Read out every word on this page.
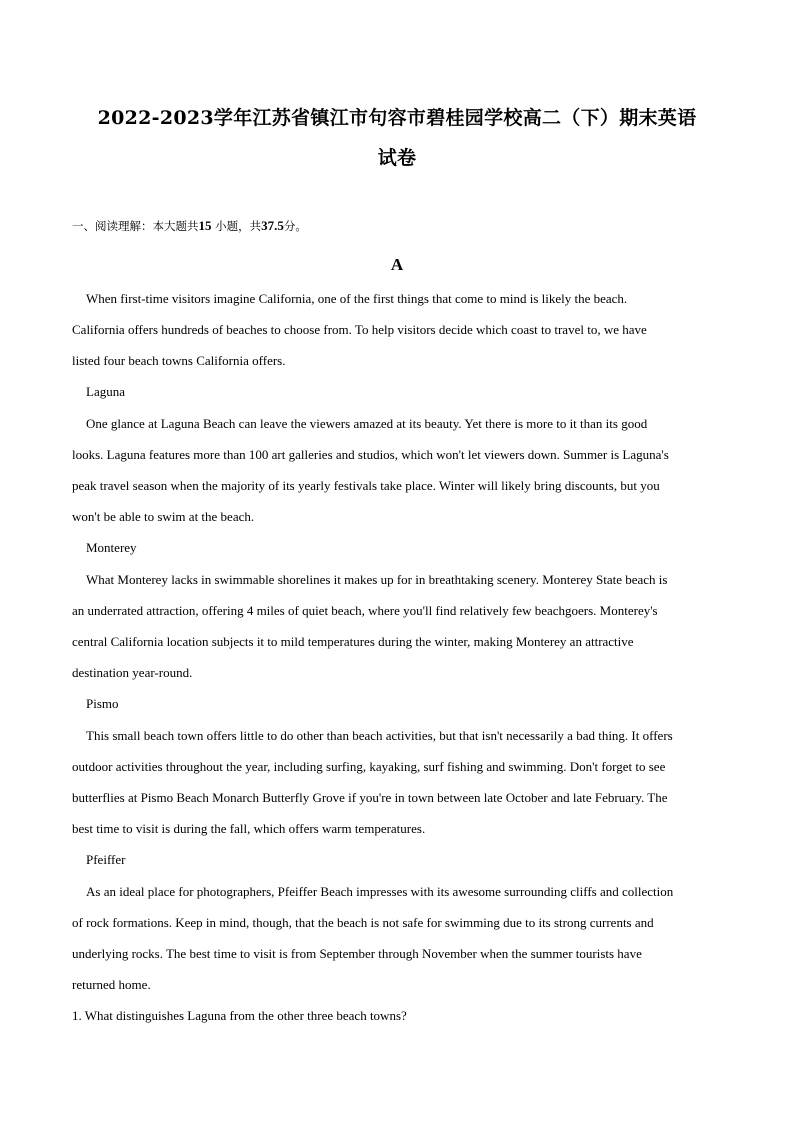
2022-2023学年江苏省镇江市句容市碧桂园学校高二（下）期末英语
试卷
一、阅读理解：本大题共15 小题，共37.5分。
A
When first-time visitors imagine California, one of the first things that come to mind is likely the beach.
California offers hundreds of beaches to choose from. To help visitors decide which coast to travel to, we have
listed four beach towns California offers.
Laguna
One glance at Laguna Beach can leave the viewers amazed at its beauty. Yet there is more to it than its good
looks. Laguna features more than 100 art galleries and studios, which won't let viewers down. Summer is Laguna's
peak travel season when the majority of its yearly festivals take place. Winter will likely bring discounts, but you
won't be able to swim at the beach.
Monterey
What Monterey lacks in swimmable shorelines it makes up for in breathtaking scenery. Monterey State beach is
an underrated attraction, offering 4 miles of quiet beach, where you'll find relatively few beachgoers. Monterey's
central California location subjects it to mild temperatures during the winter, making Monterey an attractive
destination year-round.
Pismo
This small beach town offers little to do other than beach activities, but that isn't necessarily a bad thing. It offers
outdoor activities throughout the year, including surfing, kayaking, surf fishing and swimming. Don't forget to see
butterflies at Pismo Beach Monarch Butterfly Grove if you're in town between late October and late February. The
best time to visit is during the fall, which offers warm temperatures.
Pfeiffer
As an ideal place for photographers, Pfeiffer Beach impresses with its awesome surrounding cliffs and collection
of rock formations. Keep in mind, though, that the beach is not safe for swimming due to its strong currents and
underlying rocks. The best time to visit is from September through November when the summer tourists have
returned home.
1. What distinguishes Laguna from the other three beach towns?
